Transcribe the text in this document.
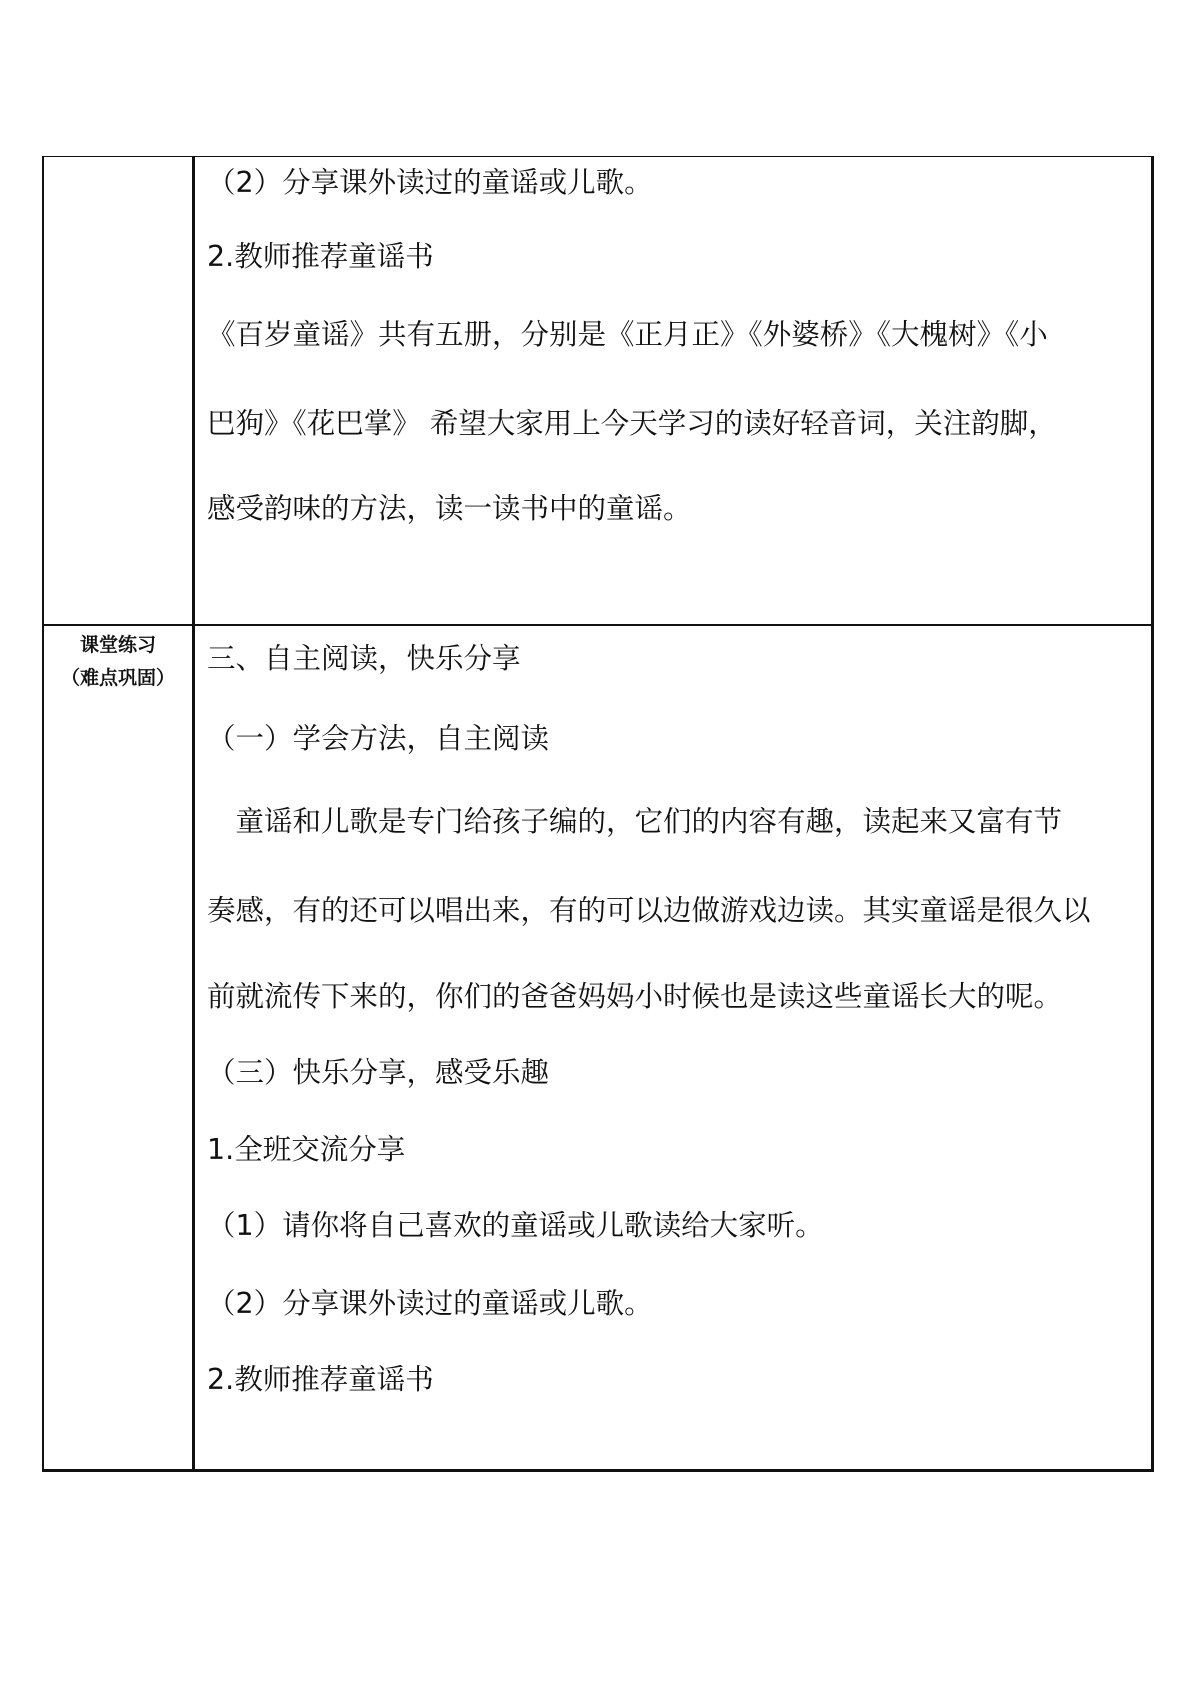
（2）分享课外读过的童谣或儿歌。

2.教师推荐童谣书

《百岁童谣》共有五册，分别是《正月正》《外婆桥》《大槐树》《小

巴狗》《花巴掌》 希望大家用上今天学习的读好轻音词，关注韵脚，

感受韵味的方法，读一读书中的童谣。

课堂练习
（难点巩固）

三、自主阅读，快乐分享

（一）学会方法，自主阅读

　童谣和儿歌是专门给孩子编的，它们的内容有趣，读起来又富有节

奏感，有的还可以唱出来，有的可以边做游戏边读。其实童谣是很久以

前就流传下来的，你们的爸爸妈妈小时候也是读这些童谣长大的呢。

（三）快乐分享，感受乐趣

1.全班交流分享

（1）请你将自己喜欢的童谣或儿歌读给大家听。

（2）分享课外读过的童谣或儿歌。

2.教师推荐童谣书
